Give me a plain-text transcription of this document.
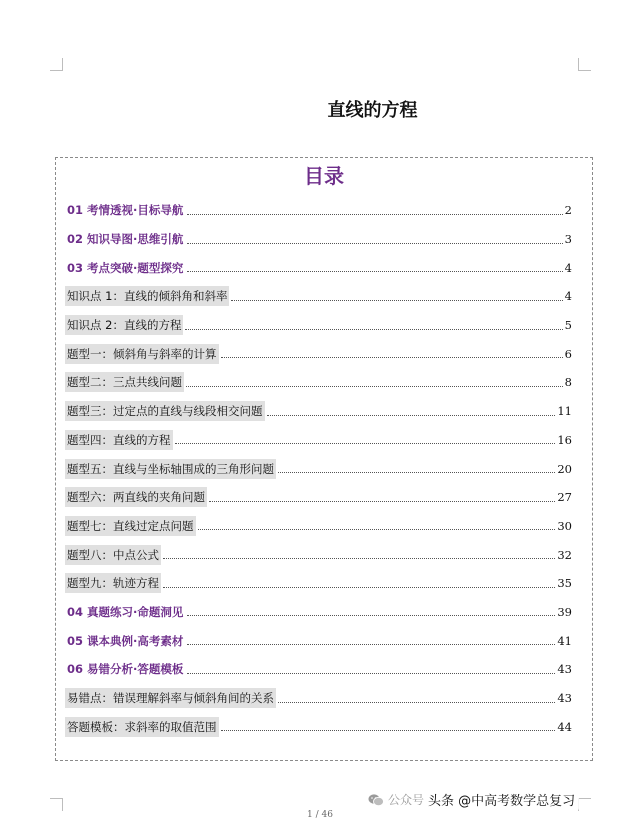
直线的方程
目录
01 考情透视·目标导航	2
02 知识导图·思维引航	3
03 考点突破·题型探究	4
知识点 1：直线的倾斜角和斜率	4
知识点 2：直线的方程	5
题型一：倾斜角与斜率的计算	6
题型二：三点共线问题	8
题型三：过定点的直线与线段相交问题	11
题型四：直线的方程	16
题型五：直线与坐标轴围成的三角形问题	20
题型六：两直线的夹角问题	27
题型七：直线过定点问题	30
题型八：中点公式	32
题型九：轨迹方程	35
04 真题练习·命题洞见	39
05 课本典例·高考素材	41
06 易错分析·答题模板	43
易错点：错误理解斜率与倾斜角间的关系	43
答题模板：求斜率的取值范围	44
1 / 46
公众号 头条 @中高考数学总复习
